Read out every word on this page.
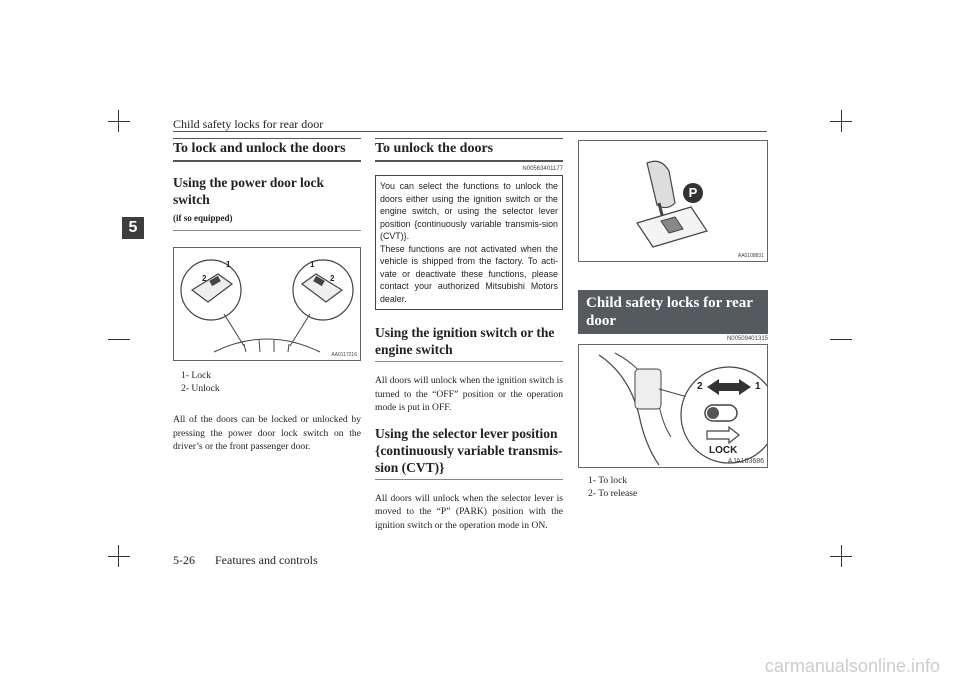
Child safety locks for rear door
5
To lock and unlock the doors
Using the power door lock switch
(if so equipped)
1
2
1
2
AA0117216
1- Lock
2- Unlock
All of the doors can be locked or unlocked by pressing the power door lock switch on the driver’s or the front passenger door.
To unlock the doors
N00563401177
You can select the functions to unlock the doors either using the ignition switch or the engine switch, or using the selector lever position {continuously variable transmis-sion (CVT)}.
These functions are not activated when the vehicle is shipped from the factory. To acti-vate or deactivate these functions, please contact your authorized Mitsubishi Motors dealer.
Using the ignition switch or the engine switch
All doors will unlock when the ignition switch is turned to the “OFF” position or the operation mode is put in OFF.
Using the selector lever position {continuously variable transmis-sion (CVT)}
All doors will unlock when the selector lever is moved to the “P” (PARK) position with the ignition switch or the operation mode in ON.
P
AA0108831
Child safety locks for rear door
N00509401315
2	1
LOCK
AJA103686
1- To lock
2- To release
5-26 Features and controls
carmanualsonline.info
